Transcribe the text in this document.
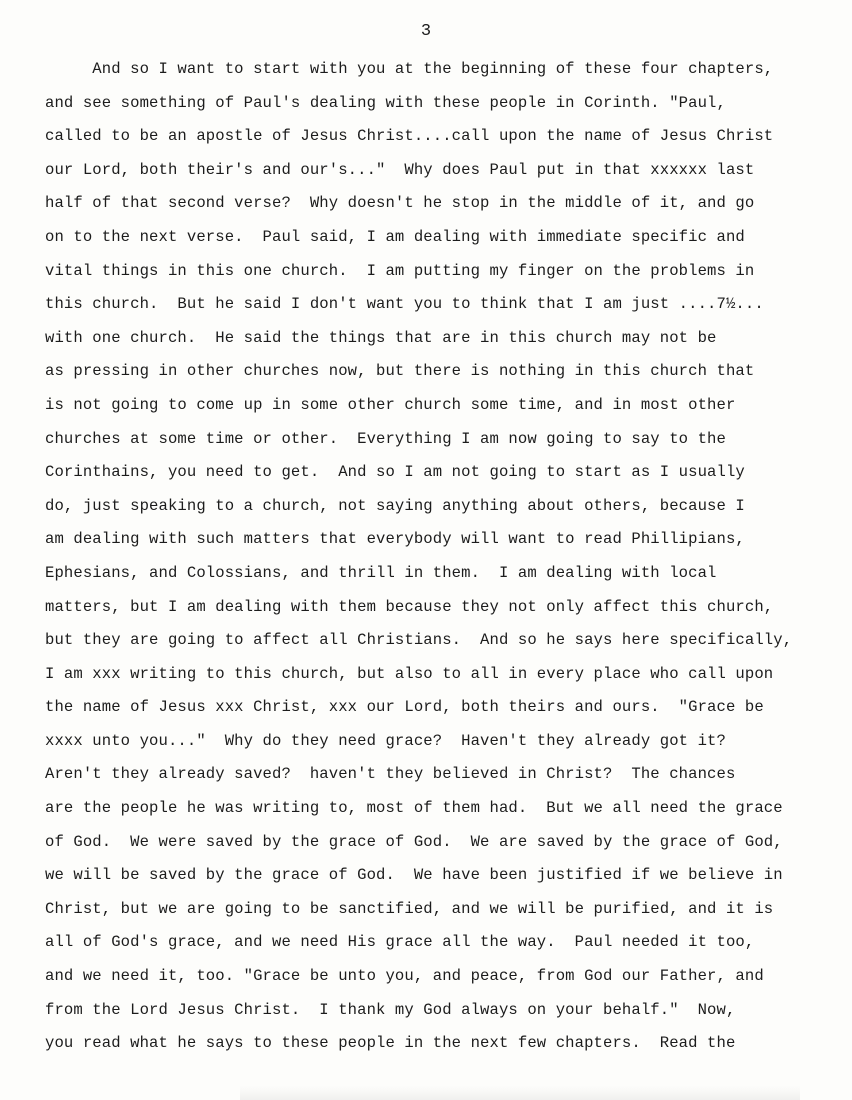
3
And so I want to start with you at the beginning of these four chapters,
and see something of Paul's dealing with these people in Corinth. "Paul,
called to be an apostle of Jesus Christ....call upon the name of Jesus Christ
our Lord, both their's and our's..."  Why does Paul put in that xxxxxx last
half of that second verse?  Why doesn't he stop in the middle of it, and go
on to the next verse.  Paul said, I am dealing with immediate specific and
vital things in this one church.  I am putting my finger on the problems in
this church.  But he said I don't want you to think that I am just ....7½...
with one church.  He said the things that are in this church may not be
as pressing in other churches now, but there is nothing in this church that
is not going to come up in some other church some time, and in most other
churches at some time or other.  Everything I am now going to say to the
Corinthains, you need to get.  And so I am not going to start as I usually
do, just speaking to a church, not saying anything about others, because I
am dealing with such matters that everybody will want to read Phillipians,
Ephesians, and Colossians, and thrill in them.  I am dealing with local
matters, but I am dealing with them because they not only affect this church,
but they are going to affect all Christians.  And so he says here specifically,
I am xxx writing to this church, but also to all in every place who call upon
the name of Jesus xxx Christ, xxx our Lord, both theirs and ours.  "Grace be
xxxx unto you..."  Why do they need grace?  Haven't they already got it?
Aren't they already saved?  haven't they believed in Christ?  The chances
are the people he was writing to, most of them had.  But we all need the grace
of God.  We were saved by the grace of God.  We are saved by the grace of God,
we will be saved by the grace of God.  We have been justified if we believe in
Christ, but we are going to be sanctified, and we will be purified, and it is
all of God's grace, and we need His grace all the way.  Paul needed it too,
and we need it, too. "Grace be unto you, and peace, from God our Father, and
from the Lord Jesus Christ.  I thank my God always on your behalf."  Now,
you read what he says to these people in the next few chapters.  Read the
